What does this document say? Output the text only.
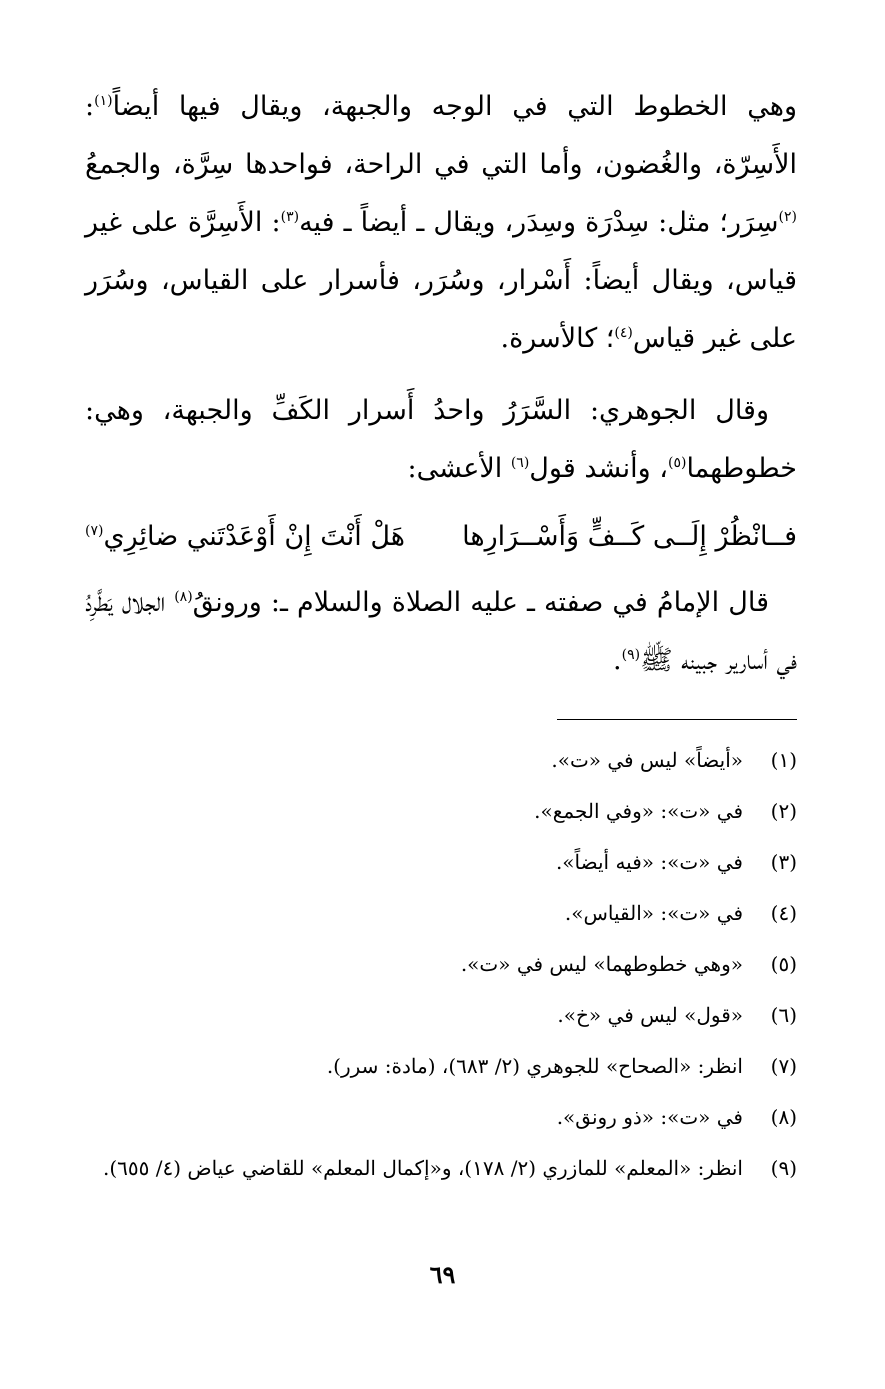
وهي الخطوط التي في الوجه والجبهة، ويقال فيها أيضاً$^{(١)}$: الأَسِرّة، والغُضون، وأما التي في الراحة، فواحدها سِرَّة، والجمعُ $^{(٢)}$سِرَر؛ مثل: سِدْرَة وسِدَر، ويقال ـ أيضاً ـ فيه$^{(٣)}$: الأَسِرَّة على غير قياس، ويقال أيضاً: أَسْرار، وسُرَر، فأسرار على القياس، وسُرَر على غير قياس$^{(٤)}$؛ كالأسرة.

وقال الجوهري: السَّرَرُ واحدُ أَسرار الكَفِّ والجبهة، وهي: خطوطهما$^{(٥)}$، وأنشد قول$^{(٦)}$ الأعشى:

فــانْظُرْ إِلَــى كَــفٍّ وَأَسْــرَارِها
هَلْ أَنْتَ إِنْ أَوْعَدْتَني ضائِرِي$^{(٧)}$

قال الإمامُ في صفته ـ عليه الصلاة والسلام ـ: ورونقُ$^{(٨)}$ الجلال يَطَّرِدُ في أسارير جبينه ﷺ$^{(٩)}$.

(١)
«أيضاً» ليس في «ت».
(٢)
في «ت»: «وفي الجمع».
(٣)
في «ت»: «فيه أيضاً».
(٤)
في «ت»: «القياس».
(٥)
«وهي خطوطهما» ليس في «ت».
(٦)
«قول» ليس في «خ».
(٧)
انظر: «الصحاح» للجوهري (٢/ ٦٨٣)، (مادة: سرر).
(٨)
في «ت»: «ذو رونق».
(٩)
انظر: «المعلم» للمازري (٢/ ١٧٨)، و«إكمال المعلم» للقاضي عياض (٤/ ٦٥٥).
٦٩
